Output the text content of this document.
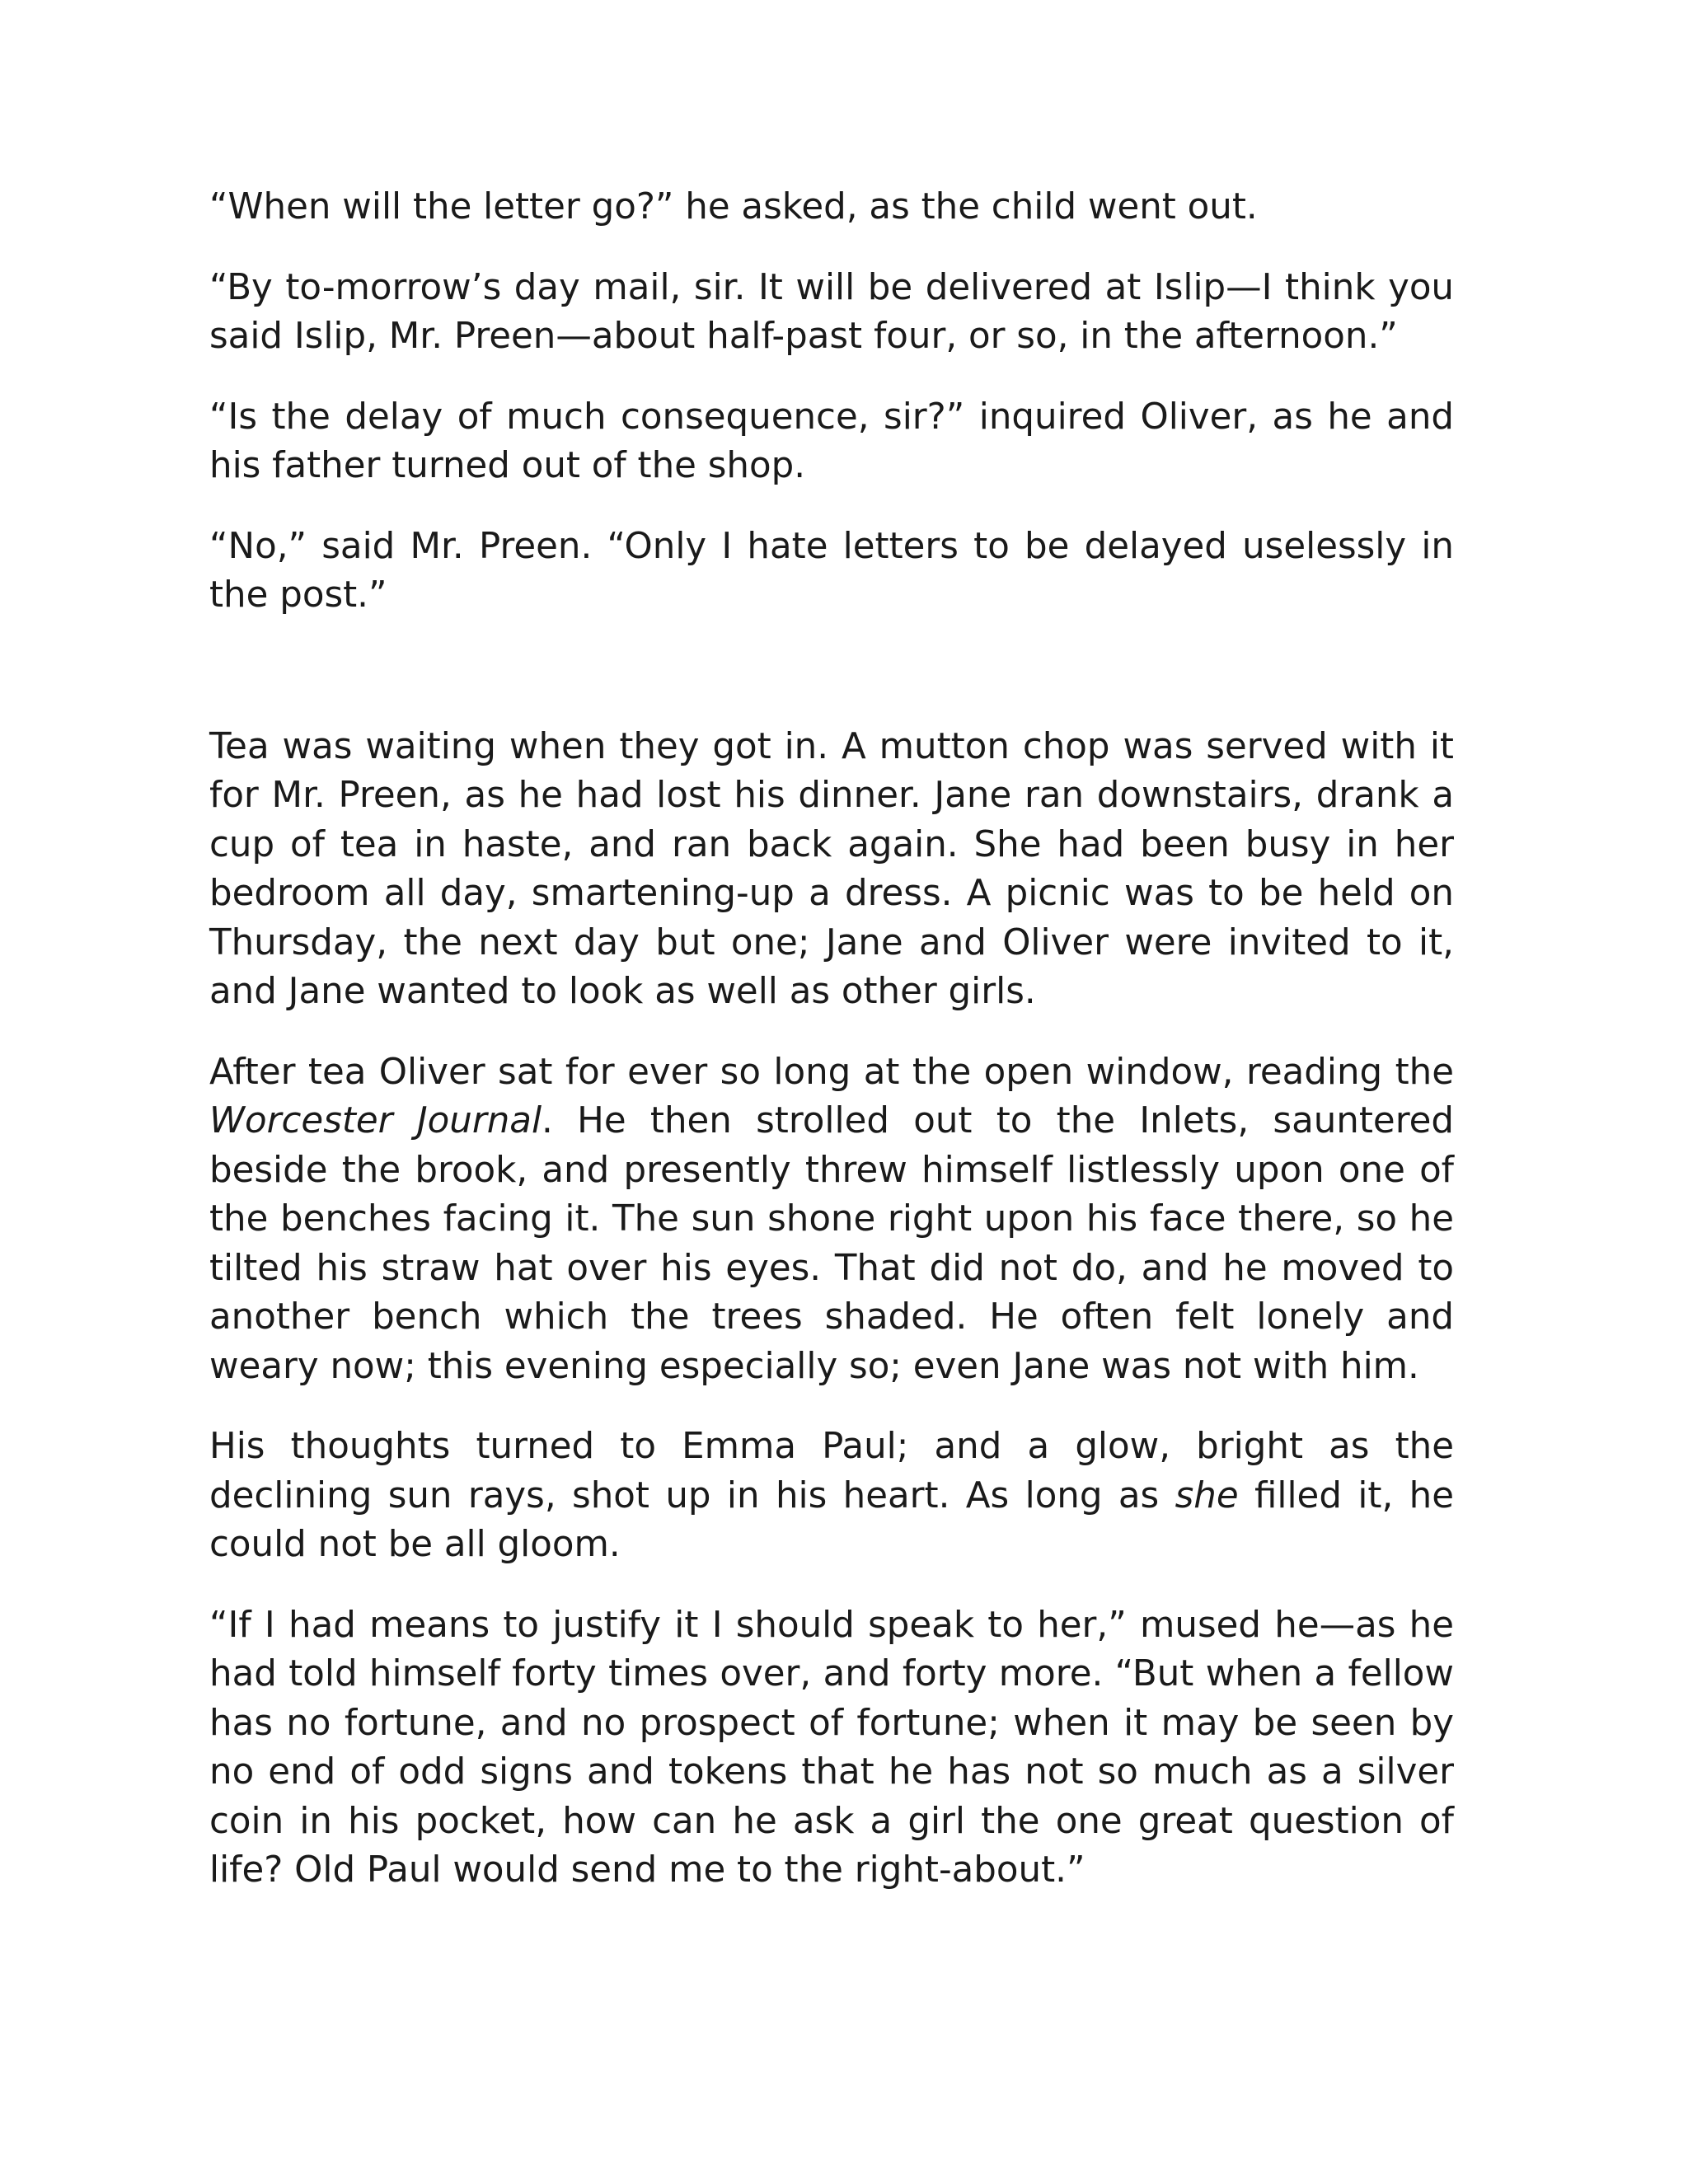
“When will the letter go?” he asked, as the child went out.

“By to-morrow’s day mail, sir. It will be delivered at Islip—I think you said Islip, Mr. Preen—about half-past four, or so, in the afternoon.”

“Is the delay of much consequence, sir?” inquired Oliver, as he and his father turned out of the shop.

“No,” said Mr. Preen. “Only I hate letters to be delayed uselessly in the post.”

Tea was waiting when they got in. A mutton chop was served with it for Mr. Preen, as he had lost his dinner. Jane ran downstairs, drank a cup of tea in haste, and ran back again. She had been busy in her bedroom all day, smartening-up a dress. A picnic was to be held on Thursday, the next day but one; Jane and Oliver were invited to it, and Jane wanted to look as well as other girls.

After tea Oliver sat for ever so long at the open window, reading the Worcester Journal. He then strolled out to the Inlets, sauntered beside the brook, and presently threw himself listlessly upon one of the benches facing it. The sun shone right upon his face there, so he tilted his straw hat over his eyes. That did not do, and he moved to another bench which the trees shaded. He often felt lonely and weary now; this evening especially so; even Jane was not with him.

His thoughts turned to Emma Paul; and a glow, bright as the declining sun rays, shot up in his heart. As long as she filled it, he could not be all gloom.

“If I had means to justify it I should speak to her,” mused he—as he had told himself forty times over, and forty more. “But when a fellow has no fortune, and no prospect of fortune; when it may be seen by no end of odd signs and tokens that he has not so much as a silver coin in his pocket, how can he ask a girl the one great question of life? Old Paul would send me to the right-about.”
